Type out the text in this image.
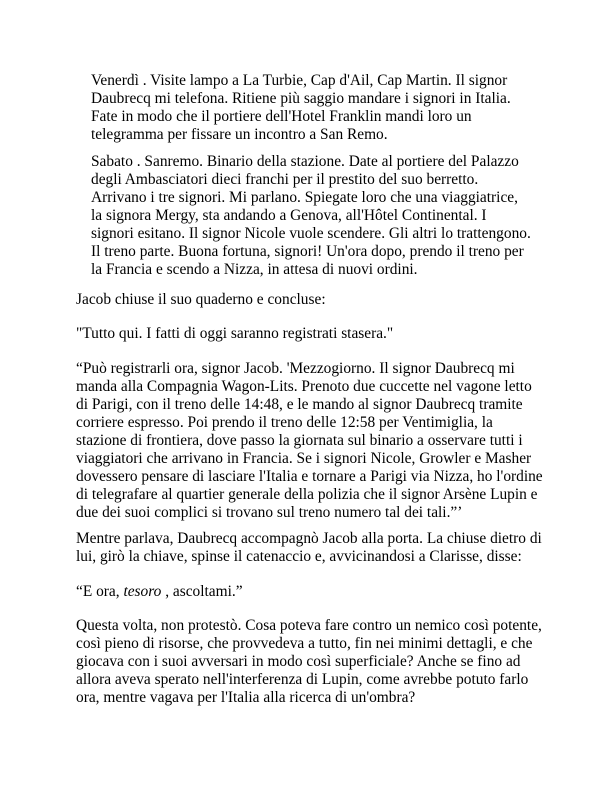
Venerdì . Visite lampo a La Turbie, Cap d'Ail, Cap Martin. Il signor Daubrecq mi telefona. Ritiene più saggio mandare i signori in Italia. Fate in modo che il portiere dell'Hotel Franklin mandi loro un telegramma per fissare un incontro a San Remo.

Sabato . Sanremo. Binario della stazione. Date al portiere del Palazzo degli Ambasciatori dieci franchi per il prestito del suo berretto. Arrivano i tre signori. Mi parlano. Spiegate loro che una viaggiatrice, la signora Mergy, sta andando a Genova, all'Hôtel Continental. I signori esitano. Il signor Nicole vuole scendere. Gli altri lo trattengono. Il treno parte. Buona fortuna, signori! Un'ora dopo, prendo il treno per la Francia e scendo a Nizza, in attesa di nuovi ordini.

Jacob chiuse il suo quaderno e concluse:

"Tutto qui. I fatti di oggi saranno registrati stasera."

“Può registrarli ora, signor Jacob. 'Mezzogiorno. Il signor Daubrecq mi manda alla Compagnia Wagon-Lits. Prenoto due cuccette nel vagone letto di Parigi, con il treno delle 14:48, e le mando al signor Daubrecq tramite corriere espresso. Poi prendo il treno delle 12:58 per Ventimiglia, la stazione di frontiera, dove passo la giornata sul binario a osservare tutti i viaggiatori che arrivano in Francia. Se i signori Nicole, Growler e Masher dovessero pensare di lasciare l'Italia e tornare a Parigi via Nizza, ho l'ordine di telegrafare al quartier generale della polizia che il signor Arsène Lupin e due dei suoi complici si trovano sul treno numero tal dei tali.”’

Mentre parlava, Daubrecq accompagnò Jacob alla porta. La chiuse dietro di lui, girò la chiave, spinse il catenaccio e, avvicinandosi a Clarisse, disse:

“E ora, tesoro , ascoltami.”

Questa volta, non protestò. Cosa poteva fare contro un nemico così potente, così pieno di risorse, che provvedeva a tutto, fin nei minimi dettagli, e che giocava con i suoi avversari in modo così superficiale? Anche se fino ad allora aveva sperato nell'interferenza di Lupin, come avrebbe potuto farlo ora, mentre vagava per l'Italia alla ricerca di un'ombra?
